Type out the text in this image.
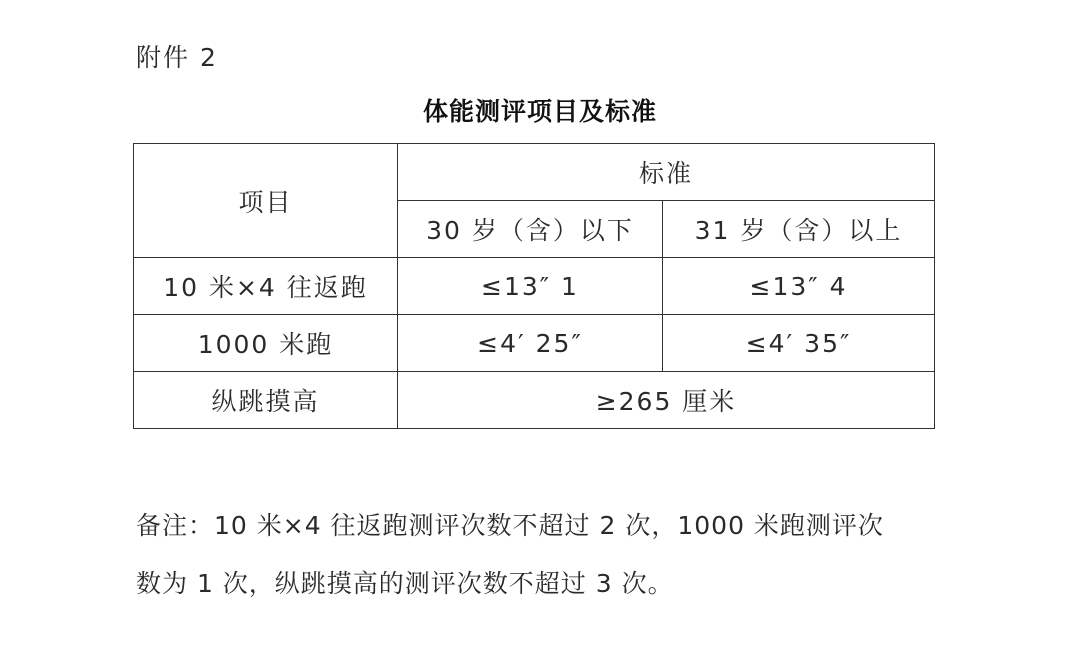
附件 2
体能测评项目及标准
项目	标准	
	30 岁（含）以下	31 岁（含）以上
10 米×4 往返跑	≤13″ 1	≤13″ 4
1000 米跑	≤4′ 25″	≤4′ 35″
纵跳摸高	≥265 厘米	
备注：10 米×4 往返跑测评次数不超过 2 次，1000 米跑测评次
数为 1 次，纵跳摸高的测评次数不超过 3 次。
